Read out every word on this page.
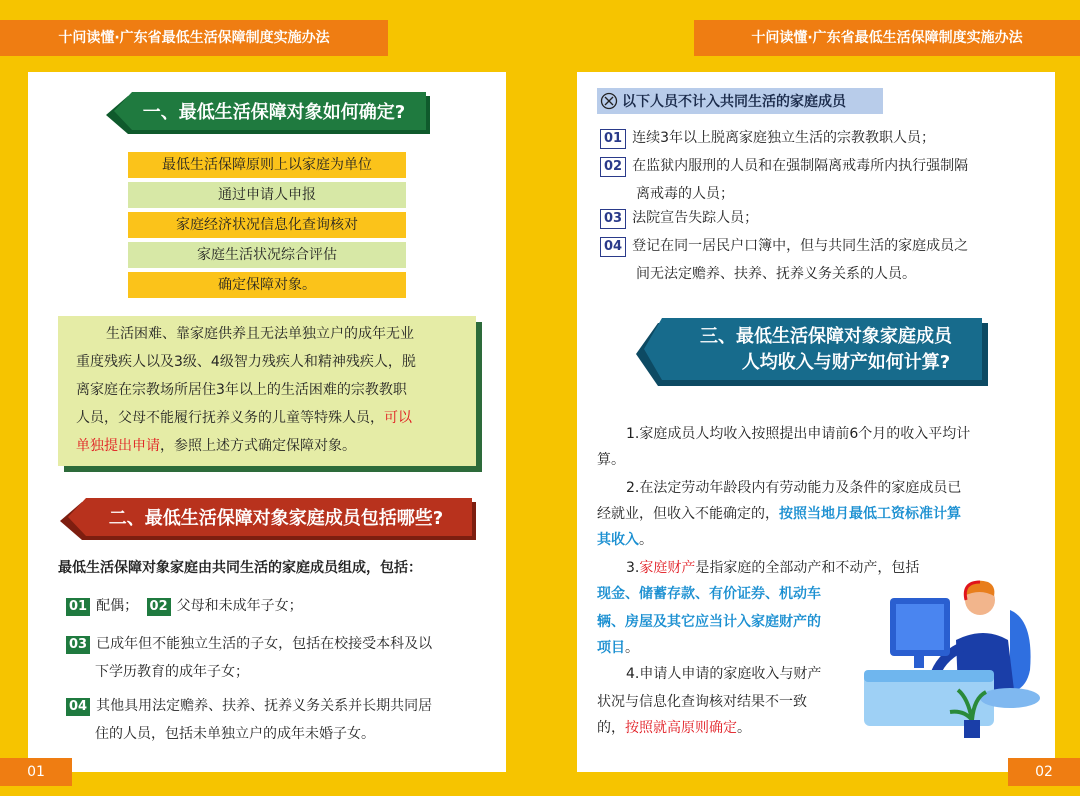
十问读懂·广东省最低生活保障制度实施办法	十问读懂·广东省最低生活保障制度实施办法
01	02
一、最低生活保障对象如何确定?
最低生活保障原则上以家庭为单位
通过申请人申报
家庭经济状况信息化查询核对
家庭生活状况综合评估
确定保障对象。
生活困难、靠家庭供养且无法单独立户的成年无业
重度残疾人以及3级、4级智力残疾人和精神残疾人，脱
离家庭在宗教场所居住3年以上的生活困难的宗教教职
人员，父母不能履行抚养义务的儿童等特殊人员，可以
单独提出申请，参照上述方式确定保障对象。
二、最低生活保障对象家庭成员包括哪些?
最低生活保障对象家庭由共同生活的家庭成员组成，包括：
01 配偶； 02 父母和未成年子女；
03 已成年但不能独立生活的子女，包括在校接受本科及以
下学历教育的成年子女；
04 其他具用法定赡养、扶养、抚养义务关系并长期共同居
住的人员，包括未单独立户的成年未婚子女。
以下人员不计入共同生活的家庭成员
01 连续3年以上脱离家庭独立生活的宗教教职人员；
02 在监狱内服刑的人员和在强制隔离戒毒所内执行强制隔
离戒毒的人员；
03 法院宣告失踪人员；
04 登记在同一居民户口簿中，但与共同生活的家庭成员之
间无法定赡养、扶养、抚养义务关系的人员。
三、最低生活保障对象家庭成员
人均收入与财产如何计算?
1.家庭成员人均收入按照提出申请前6个月的收入平均计
算。
2.在法定劳动年龄段内有劳动能力及条件的家庭成员已
经就业，但收入不能确定的，按照当地月最低工资标准计算
其收入。
3.家庭财产是指家庭的全部动产和不动产，包括
现金、储蓄存款、有价证券、机动车
辆、房屋及其它应当计入家庭财产的
项目。
4.申请人申请的家庭收入与财产
状况与信息化查询核对结果不一致
的，按照就高原则确定。
